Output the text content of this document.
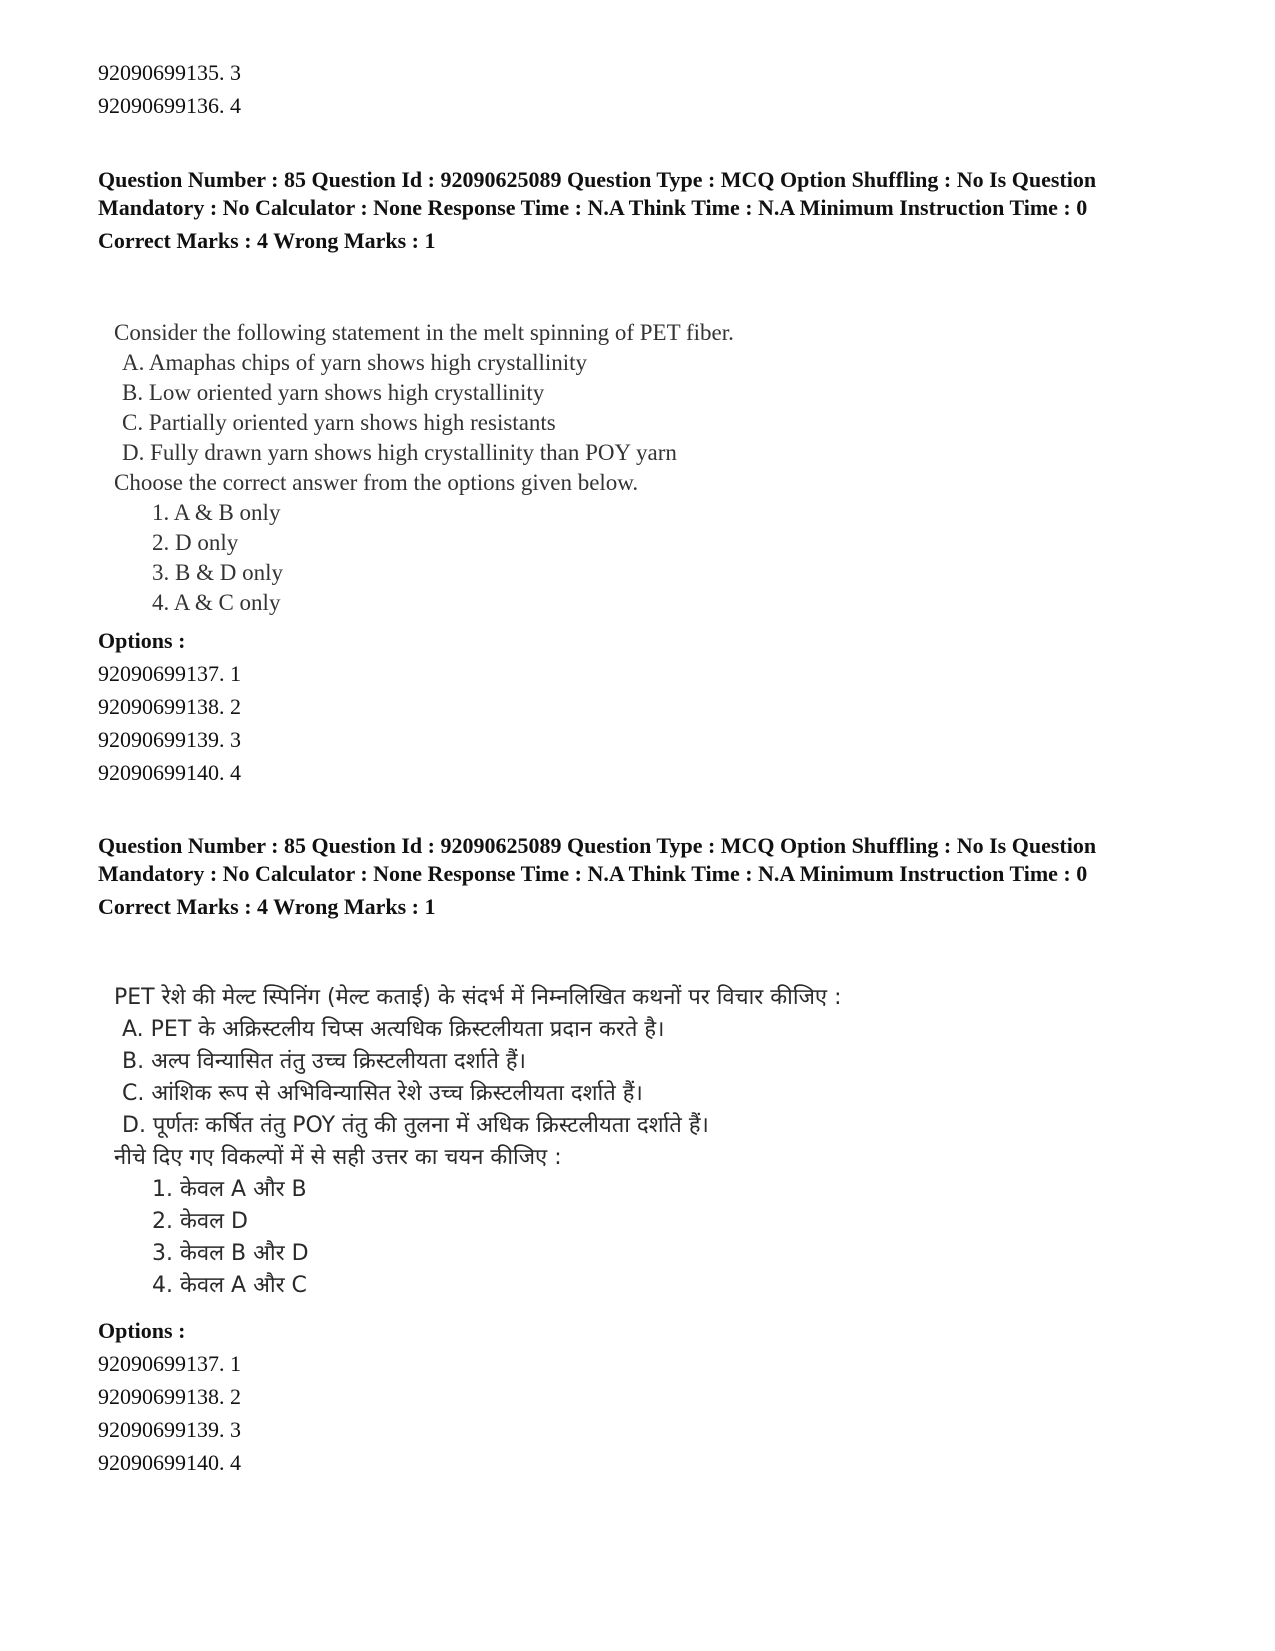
92090699135. 3
92090699136. 4
Question Number : 85 Question Id : 92090625089 Question Type : MCQ Option Shuffling : No Is Question Mandatory : No Calculator : None Response Time : N.A Think Time : N.A Minimum Instruction Time : 0
Correct Marks : 4 Wrong Marks : 1
Consider the following statement in the melt spinning of PET fiber.
A. Amaphas chips of yarn shows high crystallinity
B. Low oriented yarn shows high crystallinity
C. Partially oriented yarn shows high resistants
D. Fully drawn yarn shows high crystallinity than POY yarn
Choose the correct answer from the options given below.
1. A & B only
2. D only
3. B & D only
4. A & C only
Options :
92090699137. 1
92090699138. 2
92090699139. 3
92090699140. 4
Question Number : 85 Question Id : 92090625089 Question Type : MCQ Option Shuffling : No Is Question Mandatory : No Calculator : None Response Time : N.A Think Time : N.A Minimum Instruction Time : 0
Correct Marks : 4 Wrong Marks : 1
PET रेशे की मेल्ट स्पिनिंग (मेल्ट कताई) के संदर्भ में निम्नलिखित कथनों पर विचार कीजिए :
A. PET के अक्रिस्टलीय चिप्स अत्यधिक क्रिस्टलीयता प्रदान करते है।
B. अल्प विन्यासित तंतु उच्च क्रिस्टलीयता दर्शाते हैं।
C. आंशिक रूप से अभिविन्यासित रेशे उच्च क्रिस्टलीयता दर्शाते हैं।
D. पूर्णतः कर्षित तंतु POY तंतु की तुलना में अधिक क्रिस्टलीयता दर्शाते हैं।
नीचे दिए गए विकल्पों में से सही उत्तर का चयन कीजिए :
1. केवल A और B
2. केवल D
3. केवल B और D
4. केवल A और C
Options :
92090699137. 1
92090699138. 2
92090699139. 3
92090699140. 4
